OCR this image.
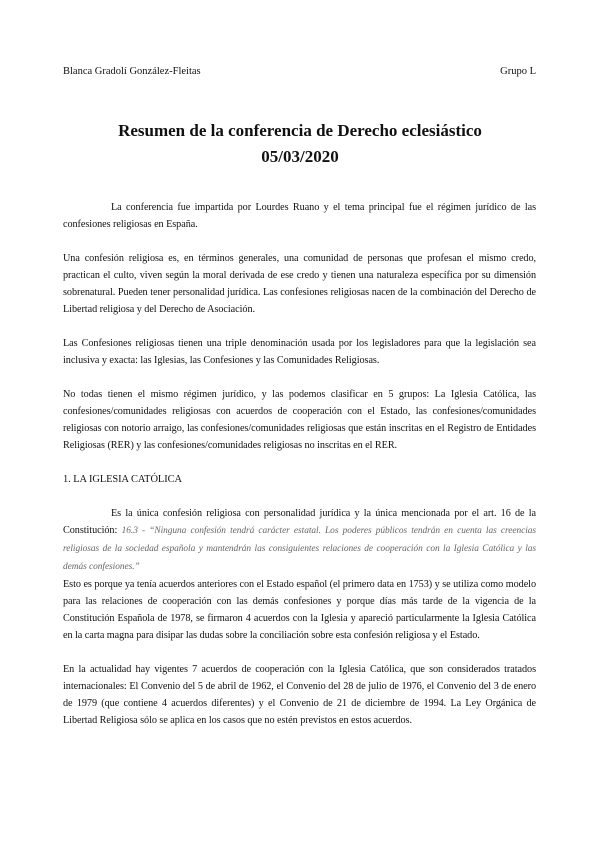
Blanca Gradolí González-Fleitas	Grupo L
Resumen de la conferencia de Derecho eclesiástico
05/03/2020

La conferencia fue impartida por Lourdes Ruano y el tema principal fue el régimen jurídico de las confesiones religiosas en España.

Una confesión religiosa es, en términos generales, una comunidad de personas que profesan el mismo credo, practican el culto, viven según la moral derivada de ese credo y tienen una naturaleza específica por su dimensión sobrenatural. Pueden tener personalidad jurídica. Las confesiones religiosas nacen de la combinación del Derecho de Libertad religiosa y del Derecho de Asociación.

Las Confesiones religiosas tienen una triple denominación usada por los legisladores para que la legislación sea inclusiva y exacta: las Iglesias, las Confesiones y las Comunidades Religiosas.

No todas tienen el mismo régimen jurídico, y las podemos clasificar en 5 grupos: La Iglesia Católica, las confesiones/comunidades religiosas con acuerdos de cooperación con el Estado, las confesiones/comunidades religiosas con notorio arraigo, las confesiones/comunidades religiosas que están inscritas en el Registro de Entidades Religiosas (RER) y las confesiones/comunidades religiosas no inscritas en el RER.

1. LA IGLESIA CATÓLICA

Es la única confesión religiosa con personalidad jurídica y la única mencionada por el art. 16 de la Constitución: 16.3 - “Ninguna confesión tendrá carácter estatal. Los poderes públicos tendrán en cuenta las creencias religiosas de la sociedad española y mantendrán las consiguientes relaciones de cooperación con la Iglesia Católica y las demás confesiones.”

Esto es porque ya tenía acuerdos anteriores con el Estado español (el primero data en 1753) y se utiliza como modelo para las relaciones de cooperación con las demás confesiones y porque días más tarde de la vigencia de la Constitución Española de 1978, se firmaron 4 acuerdos con la Iglesia y apareció particularmente la Iglesia Católica en la carta magna para disipar las dudas sobre la conciliación sobre esta confesión religiosa y el Estado.

En la actualidad hay vigentes 7 acuerdos de cooperación con la Iglesia Católica, que son considerados tratados internacionales: El Convenio del 5 de abril de 1962, el Convenio del 28 de julio de 1976, el Convenio del 3 de enero de 1979 (que contiene 4 acuerdos diferentes) y el Convenio de 21 de diciembre de 1994. La Ley Orgánica de Libertad Religiosa sólo se aplica en los casos que no estén previstos en estos acuerdos.
